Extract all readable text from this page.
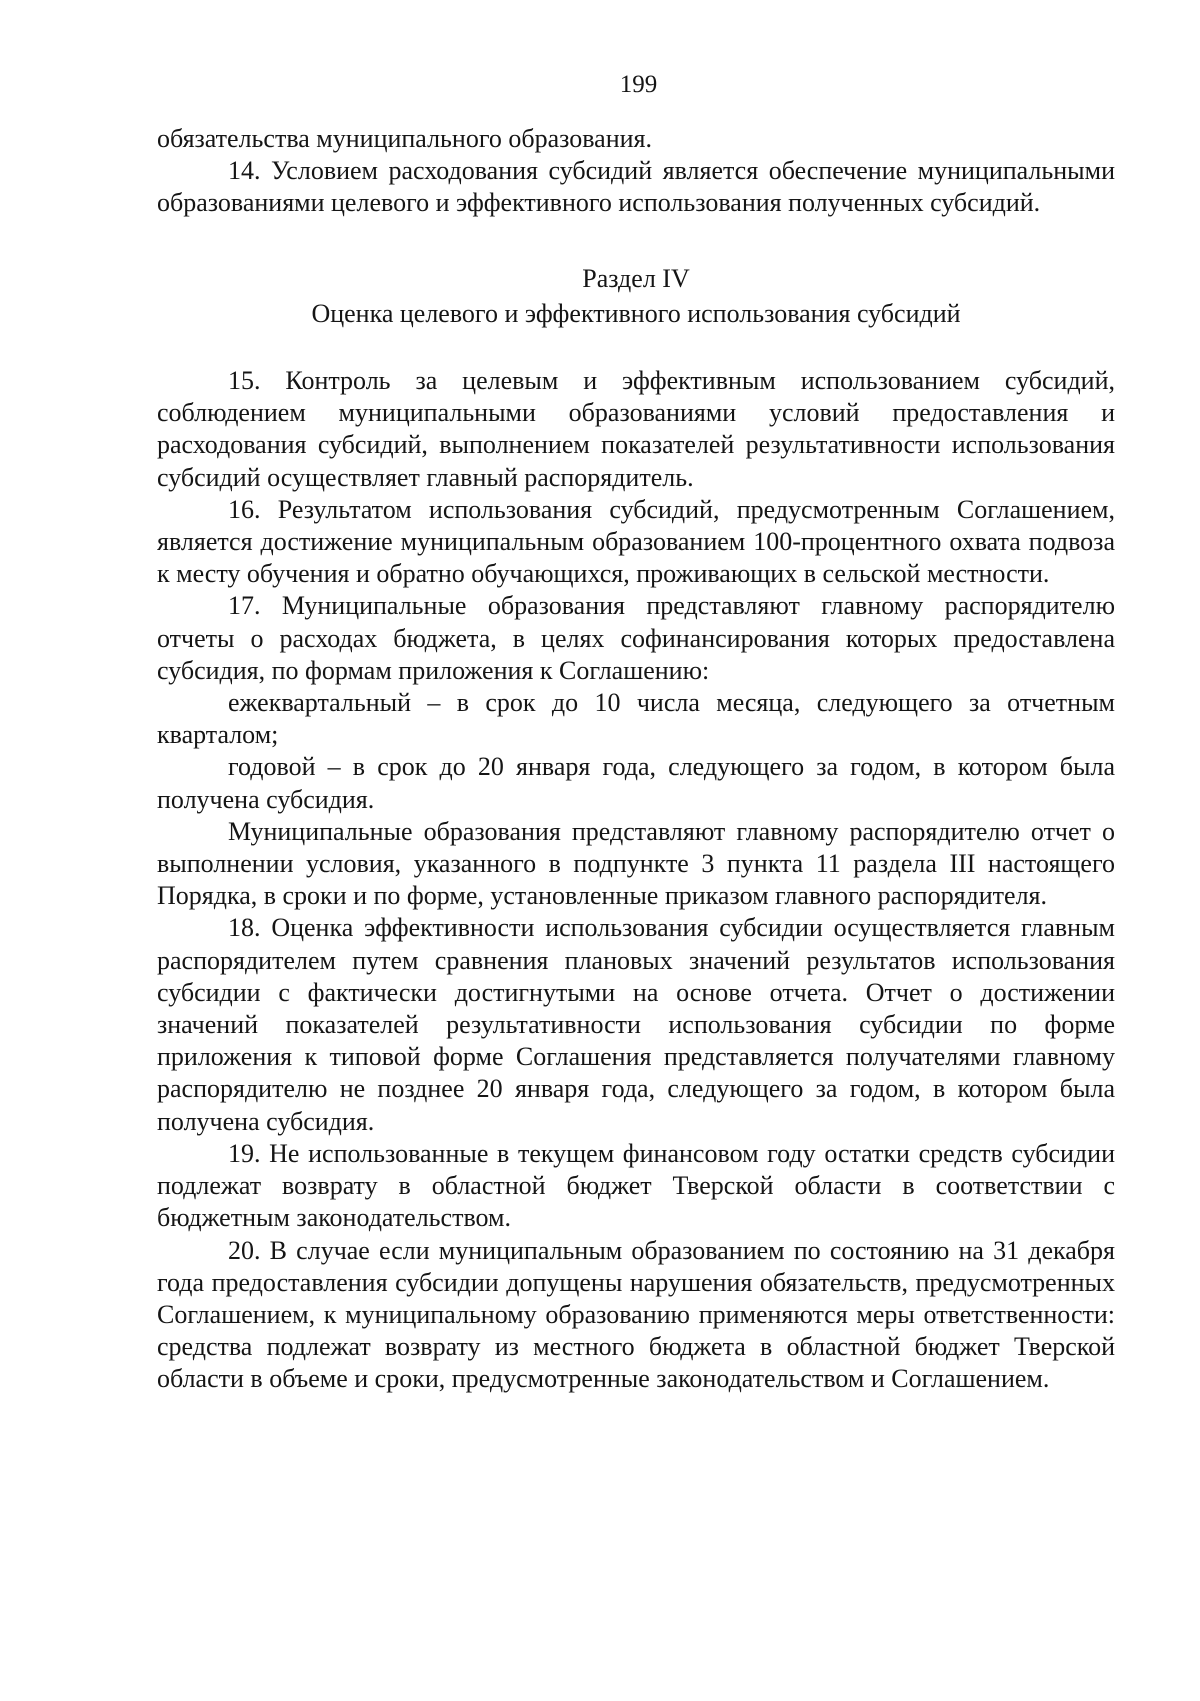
199

обязательства муниципального образования.

14. Условием расходования субсидий является обеспечение муниципальными образованиями целевого и эффективного использования полученных субсидий.

Раздел IV

Оценка целевого и эффективного использования субсидий

15. Контроль за целевым и эффективным использованием субсидий, соблюдением муниципальными образованиями условий предоставления и расходования субсидий, выполнением показателей результативности использования субсидий осуществляет главный распорядитель.

16. Результатом использования субсидий, предусмотренным Соглашением, является достижение муниципальным образованием 100-процентного охвата подвоза к месту обучения и обратно обучающихся, проживающих в сельской местности.

17. Муниципальные образования представляют главному распорядителю отчеты о расходах бюджета, в целях софинансирования которых предоставлена субсидия, по формам приложения к Соглашению:

ежеквартальный – в срок до 10 числа месяца, следующего за отчетным кварталом;

годовой – в срок до 20 января года, следующего за годом, в котором была получена субсидия.

Муниципальные образования представляют главному распорядителю отчет о выполнении условия, указанного в подпункте 3 пункта 11 раздела III настоящего Порядка, в сроки и по форме, установленные приказом главного распорядителя.

18. Оценка эффективности использования субсидии осуществляется главным распорядителем путем сравнения плановых значений результатов использования субсидии с фактически достигнутыми на основе отчета. Отчет о достижении значений показателей результативности использования субсидии по форме приложения к типовой форме Соглашения представляется получателями главному распорядителю не позднее 20 января года, следующего за годом, в котором была получена субсидия.

19. Не использованные в текущем финансовом году остатки средств субсидии подлежат возврату в областной бюджет Тверской области в соответствии с бюджетным законодательством.

20. В случае если муниципальным образованием по состоянию на 31 декабря года предоставления субсидии допущены нарушения обязательств, предусмотренных Соглашением, к муниципальному образованию применяются меры ответственности: средства подлежат возврату из местного бюджета в областной бюджет Тверской области в объеме и сроки, предусмотренные законодательством и Соглашением.
